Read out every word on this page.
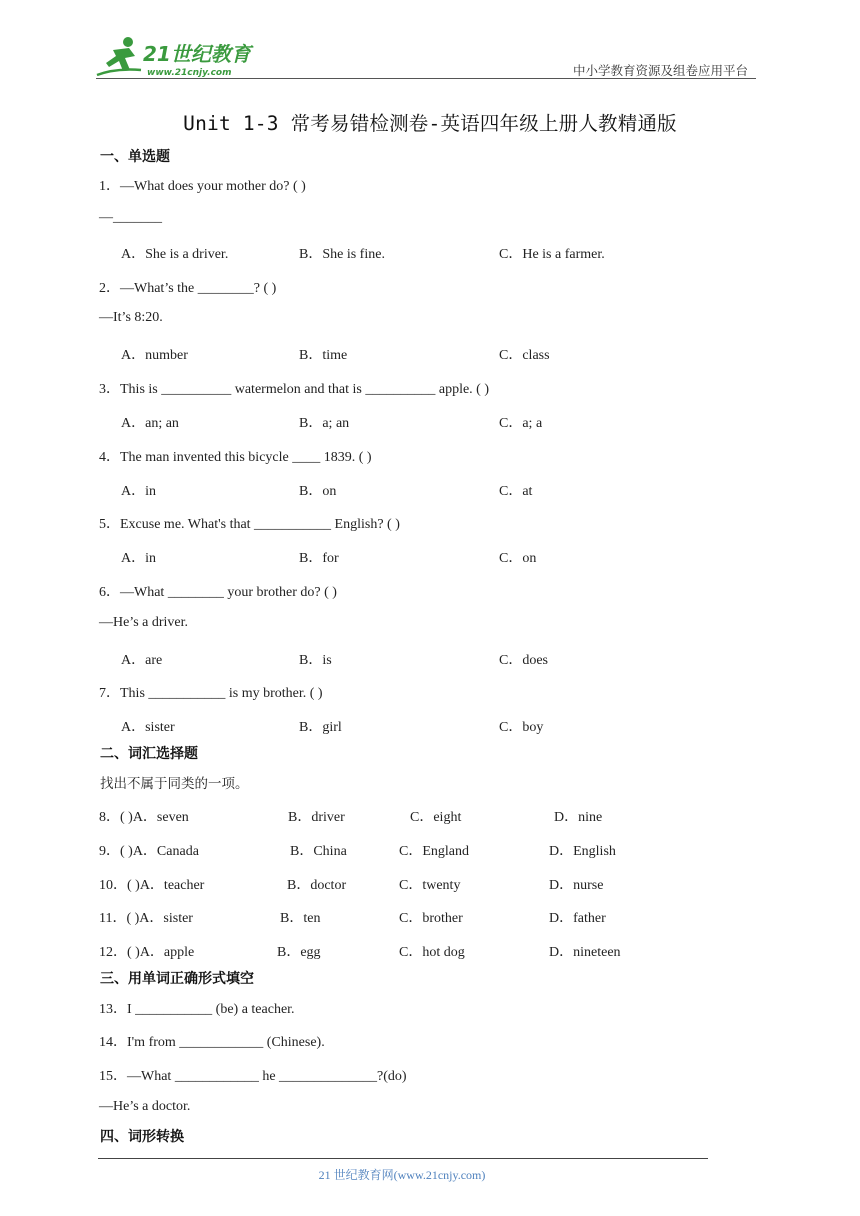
21世纪教育
www.21cnjy.com	中小学教育资源及组卷应用平台
Unit 1-3 常考易错检测卷-英语四年级上册人教精通版
一、单选题
1．—What does your mother do? ( )
—_______
A．She is a driver.	B．She is fine.	C．He is a farmer.
2．—What’s the ________? ( )
—It’s 8:20.
A．number	B．time	C．class
3．This is __________ watermelon and that is __________ apple. ( )
A．an; an	B．a; an	C．a; a
4．The man invented this bicycle ____ 1839. ( )
A．in	B．on	C．at
5．Excuse me. What's that ___________ English? ( )
A．in	B．for	C．on
6．—What ________ your brother do? ( )
—He’s a driver.
A．are	B．is	C．does
7．This ___________ is my brother. ( )
A．sister	B．girl	C．boy
二、词汇选择题
找出不属于同类的一项。
8．( )A．seven	B．driver	C．eight	D．nine
9．( )A．Canada	B．China	C．England	D．English
10．( )A．teacher	B．doctor	C．twenty	D．nurse
11．( )A．sister	B．ten	C．brother	D．father
12．( )A．apple	B．egg	C．hot dog	D．nineteen
三、用单词正确形式填空
13．I ___________ (be) a teacher.
14．I'm from ____________ (Chinese).
15．—What ____________ he ______________?(do)
—He’s a doctor.
四、词形转换
21 世纪教育网(www.21cnjy.com)
